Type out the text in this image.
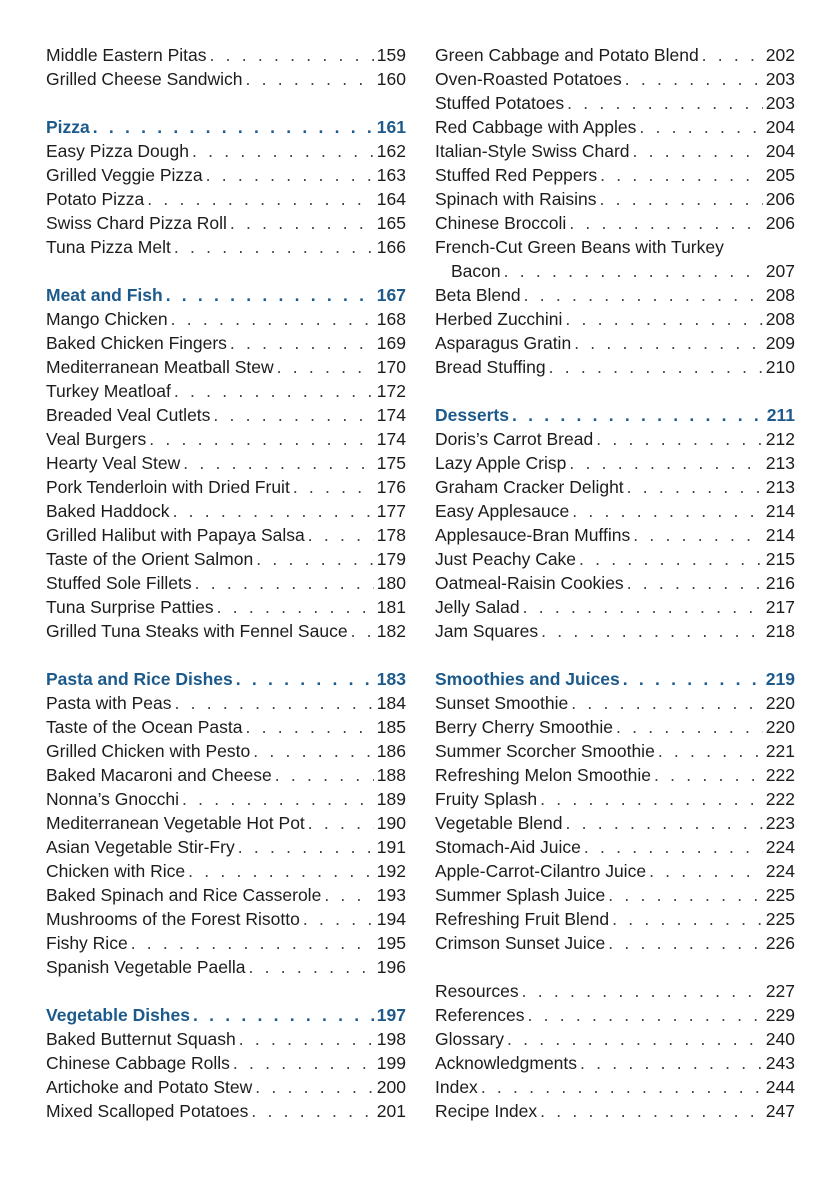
Middle Eastern Pitas . . .	159
Grilled Cheese Sandwich . . .	160
Pizza . . .	161
Easy Pizza Dough . . .	162
Grilled Veggie Pizza . . .	163
Potato Pizza . . .	164
Swiss Chard Pizza Roll . . .	165
Tuna Pizza Melt . . .	166
Meat and Fish . . .	167
Mango Chicken . . .	168
Baked Chicken Fingers . . .	169
Mediterranean Meatball Stew . . .	170
Turkey Meatloaf . . .	172
Breaded Veal Cutlets . . .	174
Veal Burgers . . .	174
Hearty Veal Stew . . .	175
Pork Tenderloin with Dried Fruit . . .	176
Baked Haddock . . .	177
Grilled Halibut with Papaya Salsa . . .	178
Taste of the Orient Salmon . . .	179
Stuffed Sole Fillets . . .	180
Tuna Surprise Patties . . .	181
Grilled Tuna Steaks with Fennel Sauce . . . 182
Pasta and Rice Dishes . . .	183
Pasta with Peas . . .	184
Taste of the Ocean Pasta . . .	185
Grilled Chicken with Pesto . . .	186
Baked Macaroni and Cheese . . .	188
Nonna’s Gnocchi . . .	189
Mediterranean Vegetable Hot Pot . . .	190
Asian Vegetable Stir-Fry . . .	191
Chicken with Rice . . .	192
Baked Spinach and Rice Casserole . . .	193
Mushrooms of the Forest Risotto . . .	194
Fishy Rice . . .	195
Spanish Vegetable Paella . . .	196
Vegetable Dishes . . .	197
Baked Butternut Squash . . .	198
Chinese Cabbage Rolls . . .	199
Artichoke and Potato Stew . . .	200
Mixed Scalloped Potatoes . . .	201
Green Cabbage and Potato Blend . . .	202
Oven-Roasted Potatoes . . .	203
Stuffed Potatoes . . .	203
Red Cabbage with Apples . . .	204
Italian-Style Swiss Chard . . .	204
Stuffed Red Peppers . . .	205
Spinach with Raisins . . .	206
Chinese Broccoli . . .	206
French-Cut Green Beans with Turkey
Bacon . . .	207
Beta Blend . . .	208
Herbed Zucchini . . .	208
Asparagus Gratin . . .	209
Bread Stuffing . . .	210
Desserts . . .	211
Doris’s Carrot Bread . . .	212
Lazy Apple Crisp . . .	213
Graham Cracker Delight . . .	213
Easy Applesauce . . .	214
Applesauce-Bran Muffins . . .	214
Just Peachy Cake . . .	215
Oatmeal-Raisin Cookies . . .	216
Jelly Salad . . .	217
Jam Squares . . .	218
Smoothies and Juices . . .	219
Sunset Smoothie . . .	220
Berry Cherry Smoothie . . .	220
Summer Scorcher Smoothie . . .	221
Refreshing Melon Smoothie . . .	222
Fruity Splash . . .	222
Vegetable Blend . . .	223
Stomach-Aid Juice . . .	224
Apple-Carrot-Cilantro Juice . . .	224
Summer Splash Juice . . .	225
Refreshing Fruit Blend . . .	225
Crimson Sunset Juice . . .	226
Resources . . .	227
References . . .	229
Glossary . . .	240
Acknowledgments . . .	243
Index . . .	244
Recipe Index . . .	247
